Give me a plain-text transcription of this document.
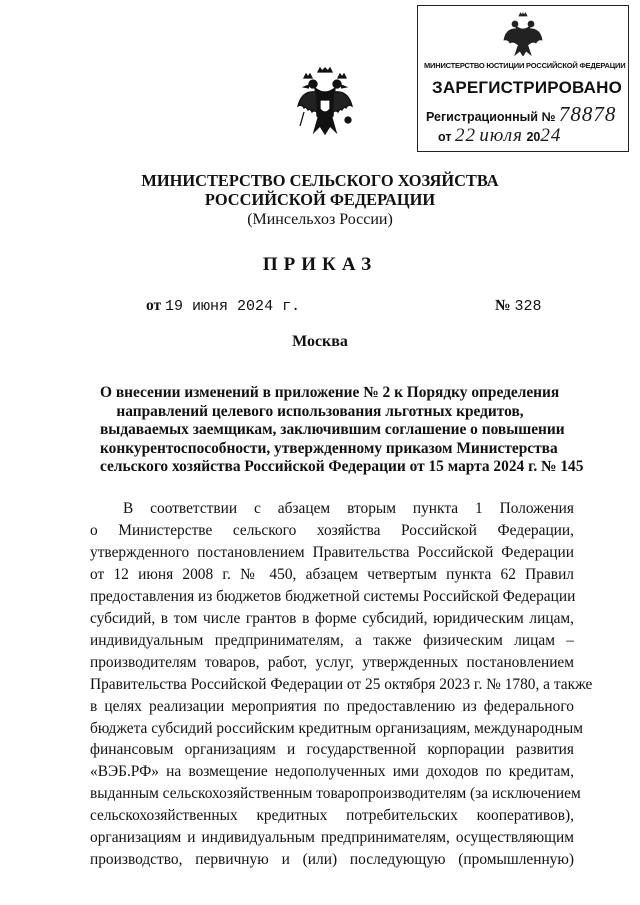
МИНИСТЕРСТВО ЮСТИЦИИ РОССИЙСКОЙ ФЕДЕРАЦИИ
ЗАРЕГИСТРИРОВАНО
Регистрационный № 78878
от 22 июля 2024
МИНИСТЕРСТВО СЕЛЬСКОГО ХОЗЯЙСТВА
РОССИЙСКОЙ ФЕДЕРАЦИИ
(Минсельхоз России)
ПРИКАЗ
от 19 июня 2024 г.	№ 328
Москва
О внесении изменений в приложение № 2 к Порядку определения
направлений целевого использования льготных кредитов,
выдаваемых заемщикам, заключившим соглашение о повышении
конкурентоспособности, утвержденному приказом Министерства
сельского хозяйства Российской Федерации от 15 марта 2024 г. № 145
В соответствии с абзацем вторым пункта 1 Положения
о Министерстве сельского хозяйства Российской Федерации,
утвержденного постановлением Правительства Российской Федерации
от 12 июня 2008 г. № 450, абзацем четвертым пункта 62 Правил
предоставления из бюджетов бюджетной системы Российской Федерации
субсидий, в том числе грантов в форме субсидий, юридическим лицам,
индивидуальным предпринимателям, а также физическим лицам –
производителям товаров, работ, услуг, утвержденных постановлением
Правительства Российской Федерации от 25 октября 2023 г. № 1780, а также
в целях реализации мероприятия по предоставлению из федерального
бюджета субсидий российским кредитным организациям, международным
финансовым организациям и государственной корпорации развития
«ВЭБ.РФ» на возмещение недополученных ими доходов по кредитам,
выданным сельскохозяйственным товаропроизводителям (за исключением
сельскохозяйственных кредитных потребительских кооперативов),
организациям и индивидуальным предпринимателям, осуществляющим
производство, первичную и (или) последующую (промышленную)
